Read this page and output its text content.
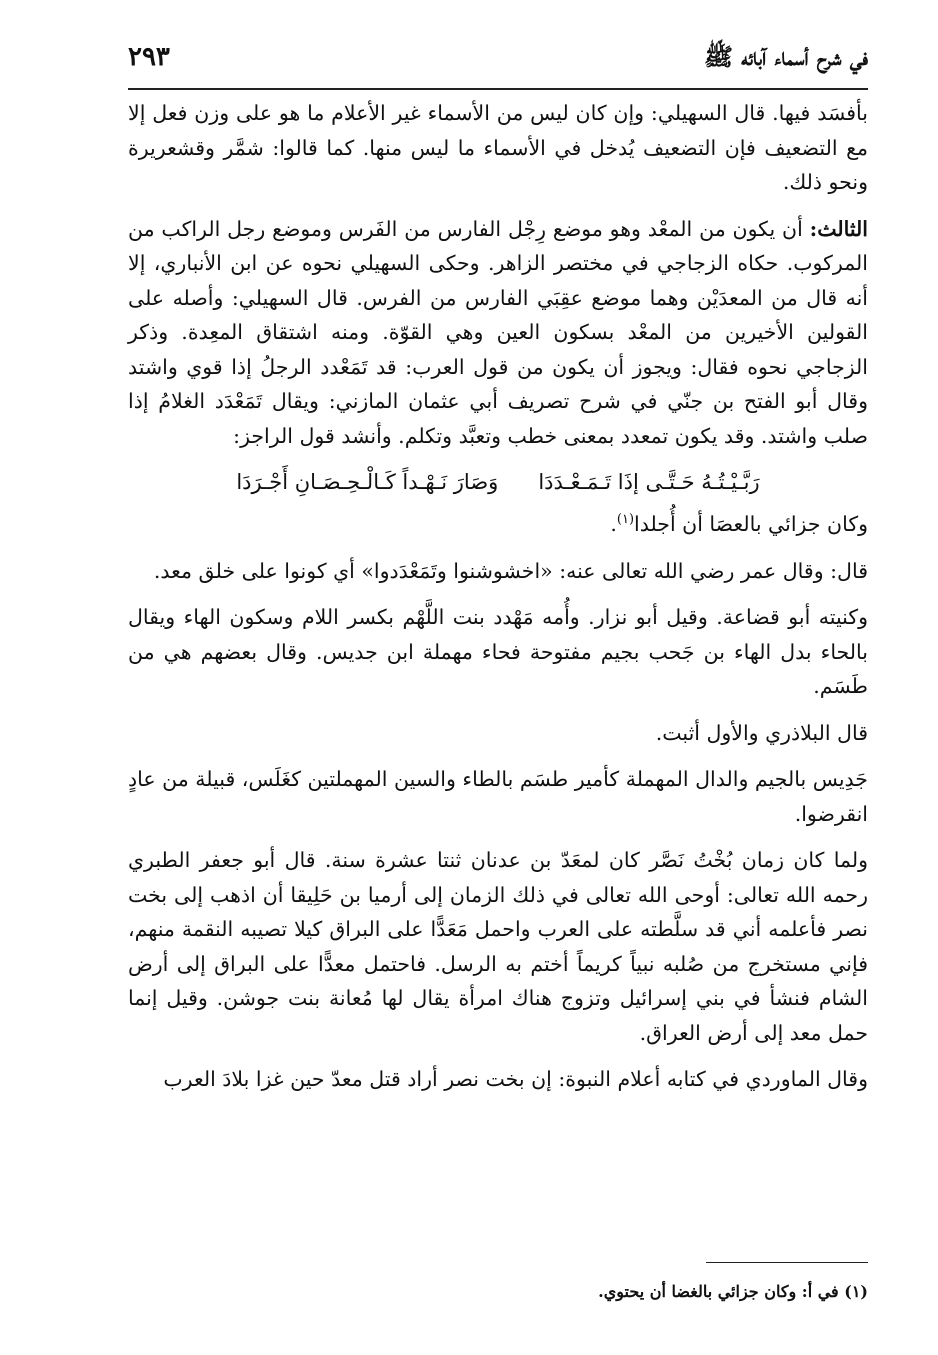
في شرح أسماء آبائه ﷺ
٢٩٣

بأفسَد فيها. قال السهيلي: وإن كان ليس من الأسماء غير الأعلام ما هو على وزن فعل إلا مع التضعيف فإن التضعيف يُدخل في الأسماء ما ليس منها. كما قالوا: شمَّر وقشعريرة ونحو ذلك.

الثالث: أن يكون من المعْد وهو موضع رِجْل الفارس من الفَرس وموضع رجل الراكب من المركوب. حكاه الزجاجي في مختصر الزاهر. وحكى السهيلي نحوه عن ابن الأنباري، إلا أنه قال من المعدَيْن وهما موضع عقِبَي الفارس من الفرس. قال السهيلي: وأصله على القولين الأخيرين من المعْد بسكون العين وهي القوّة. ومنه اشتقاق المعِدة. وذكر الزجاجي نحوه فقال: ويجوز أن يكون من قول العرب: قد تَمَعْدد الرجلُ إذا قوي واشتد وقال أبو الفتح بن جنّي في شرح تصريف أبي عثمان المازني: ويقال تَمَعْدَد الغلامُ إذا صلب واشتد. وقد يكون تمعدد بمعنى خطب وتعبَّد وتكلم. وأنشد قول الراجز:

رَبَّـيْـتُـهُ حَـتَّـى إذَا تَـمَـعْـدَدَا
وَصَارَ نَـهْـداً كَـالْـحِـصَـانِ أَجْـرَدَا

وكان جزائي بالعصَا أن أُجلدا$^{(١)}$.

قال: وقال عمر رضي الله تعالى عنه: «اخشوشنوا وتَمَعْدَدوا» أي كونوا على خلق معد.

وكنيته أبو قضاعة. وقيل أبو نزار. وأُمه مَهْدد بنت اللَّهْم بكسر اللام وسكون الهاء ويقال بالحاء بدل الهاء بن جَحب بجيم مفتوحة فحاء مهملة ابن جديس. وقال بعضهم هي من طَسَم.

قال البلاذري والأول أثبت.

جَدِيس بالجيم والدال المهملة كأمير طسَم بالطاء والسين المهملتين كغَلَس، قبيلة من عادٍ انقرضوا.

ولما كان زمان بُخْتُ نَصَّر كان لمعَدّ بن عدنان ثنتا عشرة سنة. قال أبو جعفر الطبري رحمه الله تعالى: أوحى الله تعالى في ذلك الزمان إلى أرميا بن حَلِيقا أن اذهب إلى بخت نصر فأعلمه أني قد سلَّطته على العرب واحمل مَعَدًّا على البراق كيلا تصيبه النقمة منهم، فإني مستخرج من صُلبه نبياً كريماً أختم به الرسل. فاحتمل معدًّا على البراق إلى أرض الشام فنشأ في بني إسرائيل وتزوج هناك امرأة يقال لها مُعانة بنت جوشن. وقيل إنما حمل معد إلى أرض العراق.

وقال الماوردي في كتابه أعلام النبوة: إن بخت نصر أراد قتل معدّ حين غزا بلادَ العرب

(١) في أ: وكان جزائي بالغضا أن يحتوي.
